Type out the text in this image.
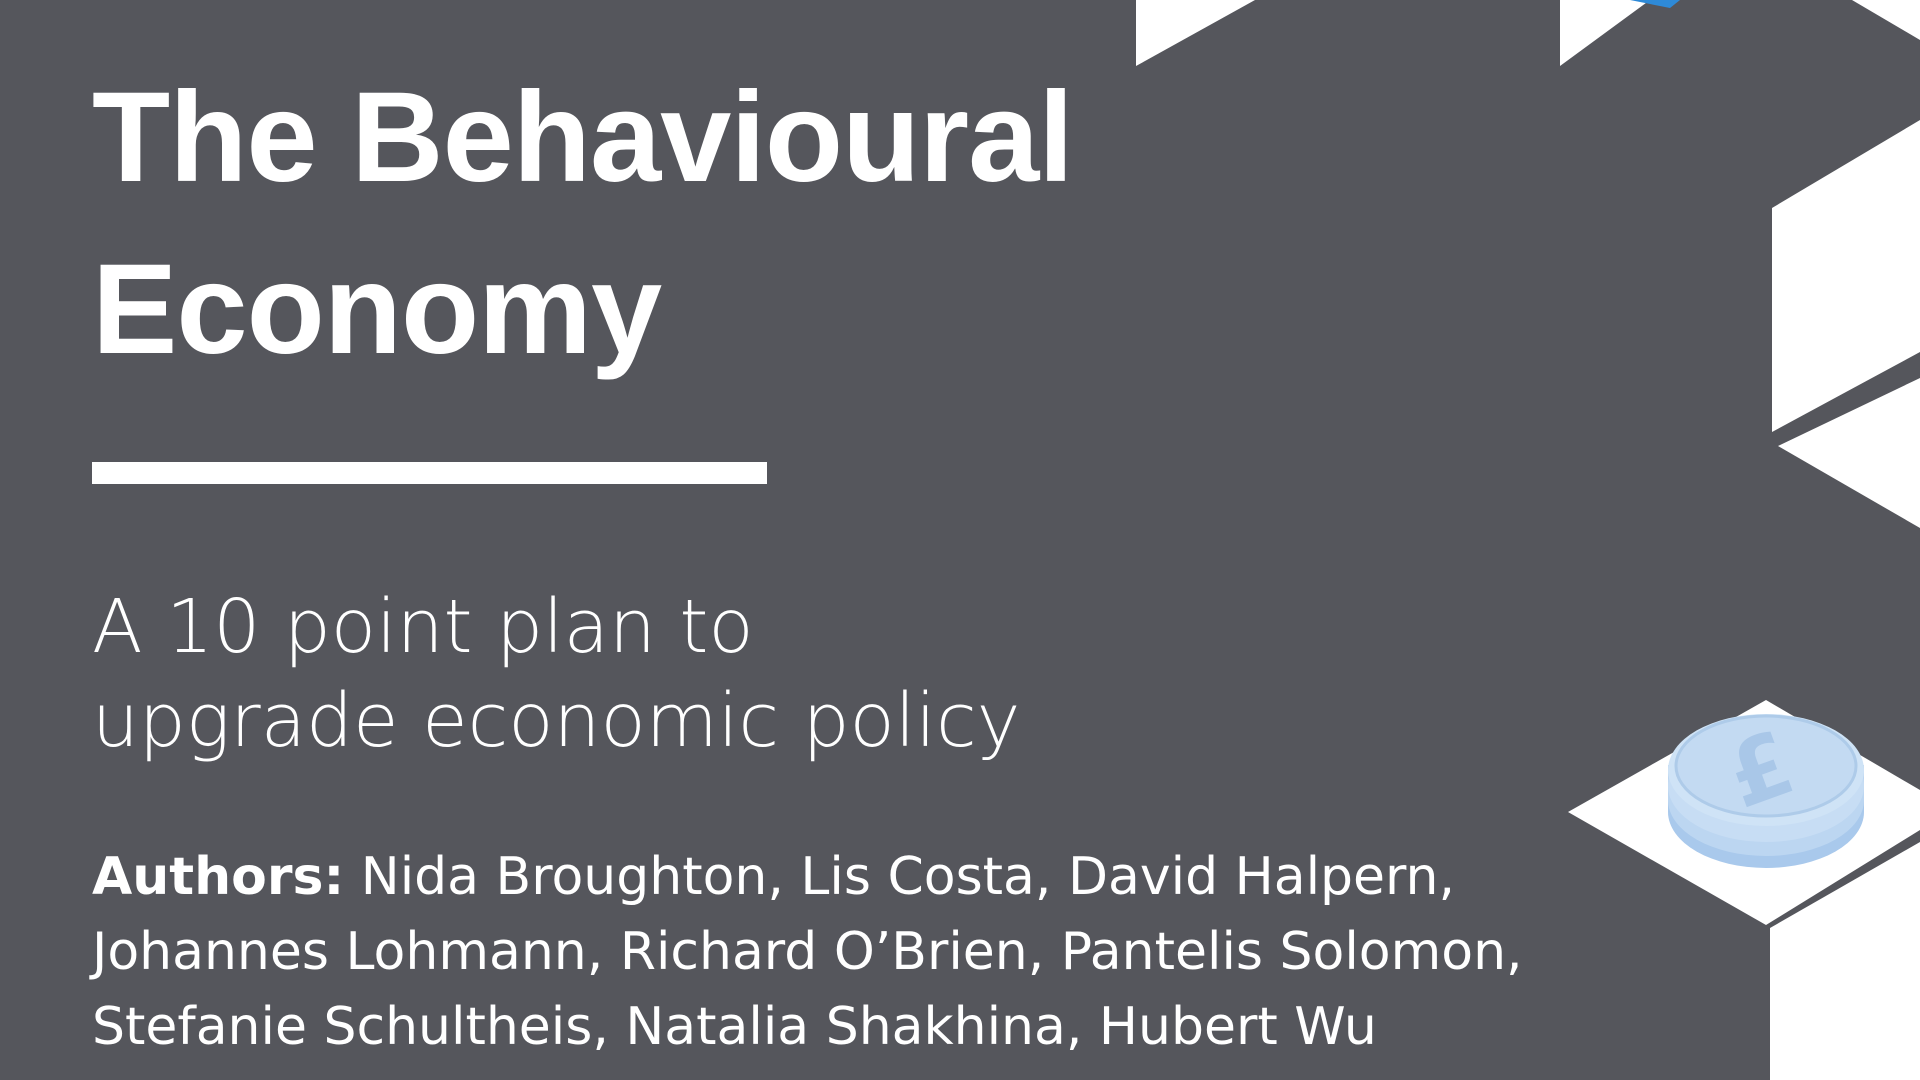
£
The Behavioural
Economy
A 10 point plan to
upgrade economic policy
Authors: Nida Broughton, Lis Costa, David Halpern,
Johannes Lohmann, Richard O’Brien, Pantelis Solomon,
Stefanie Schultheis, Natalia Shakhina, Hubert Wu
